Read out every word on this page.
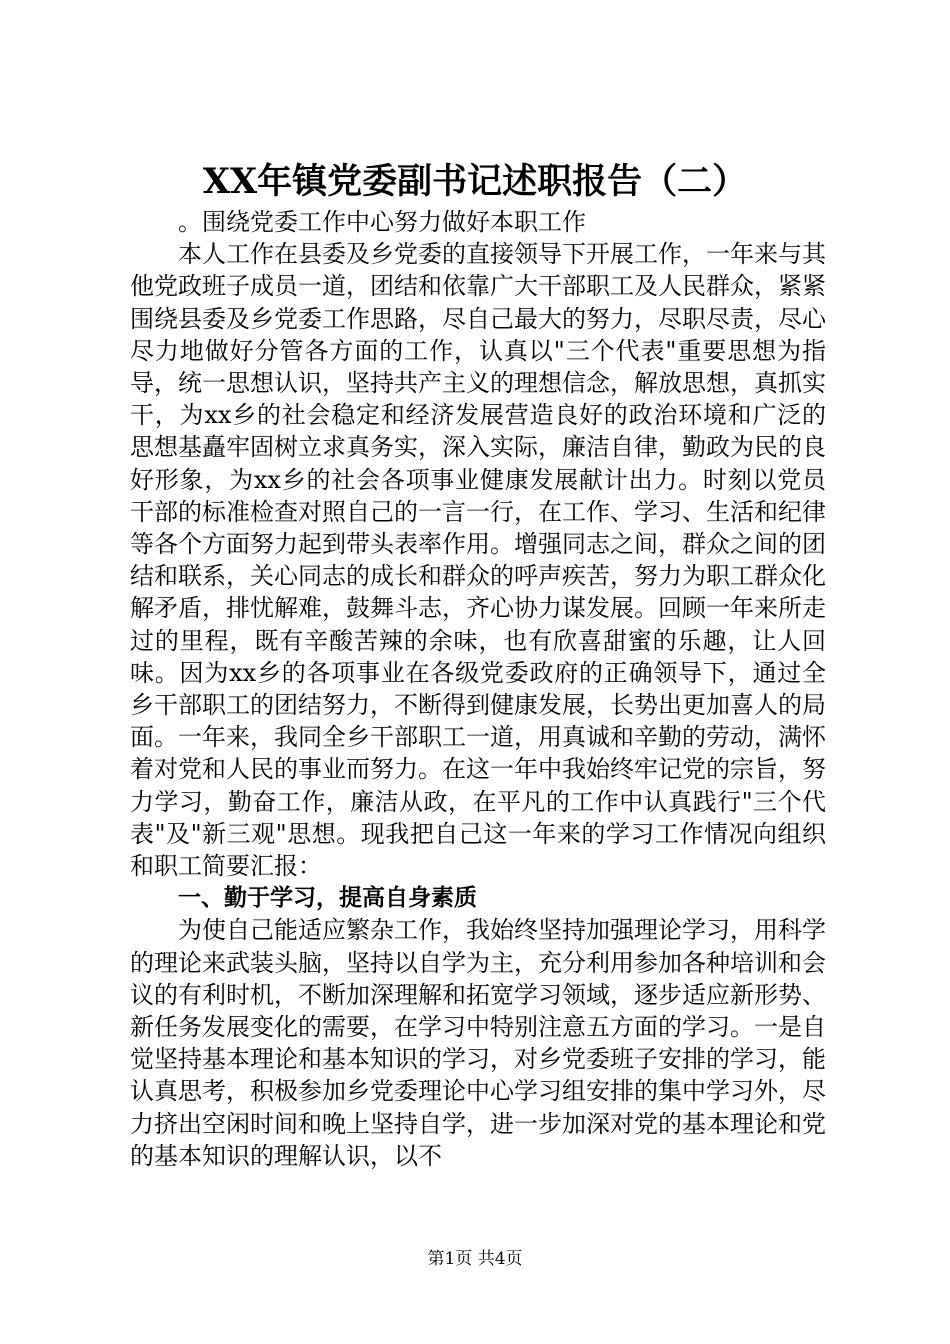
XX年镇党委副书记述职报告（二）

。围绕党委工作中心努力做好本职工作

本人工作在县委及乡党委的直接领导下开展工作，一年来与其他党政班子成员一道，团结和依靠广大干部职工及人民群众，紧紧围绕县委及乡党委工作思路，尽自己最大的努力，尽职尽责，尽心尽力地做好分管各方面的工作，认真以"三个代表"重要思想为指导，统一思想认识，坚持共产主义的理想信念，解放思想，真抓实干，为xx乡的社会稳定和经济发展营造良好的政治环境和广泛的思想基矗牢固树立求真务实，深入实际，廉洁自律，勤政为民的良好形象，为xx乡的社会各项事业健康发展献计出力。时刻以党员干部的标准检查对照自己的一言一行，在工作、学习、生活和纪律等各个方面努力起到带头表率作用。增强同志之间，群众之间的团结和联系，关心同志的成长和群众的呼声疾苦，努力为职工群众化解矛盾，排忧解难，鼓舞斗志，齐心协力谋发展。回顾一年来所走过的里程，既有辛酸苦辣的余味，也有欣喜甜蜜的乐趣，让人回味。因为xx乡的各项事业在各级党委政府的正确领导下，通过全乡干部职工的团结努力，不断得到健康发展，长势出更加喜人的局面。一年来，我同全乡干部职工一道，用真诚和辛勤的劳动，满怀着对党和人民的事业而努力。在这一年中我始终牢记党的宗旨，努力学习，勤奋工作，廉洁从政，在平凡的工作中认真践行"三个代表"及"新三观"思想。现我把自己这一年来的学习工作情况向组织和职工简要汇报：

一、勤于学习，提高自身素质

为使自己能适应繁杂工作，我始终坚持加强理论学习，用科学的理论来武装头脑，坚持以自学为主，充分利用参加各种培训和会议的有利时机，不断加深理解和拓宽学习领域，逐步适应新形势、新任务发展变化的需要，在学习中特别注意五方面的学习。一是自觉坚持基本理论和基本知识的学习，对乡党委班子安排的学习，能认真思考，积极参加乡党委理论中心学习组安排的集中学习外，尽力挤出空闲时间和晚上坚持自学，进一步加深对党的基本理论和党的基本知识的理解认识，以不

第1页 共4页
